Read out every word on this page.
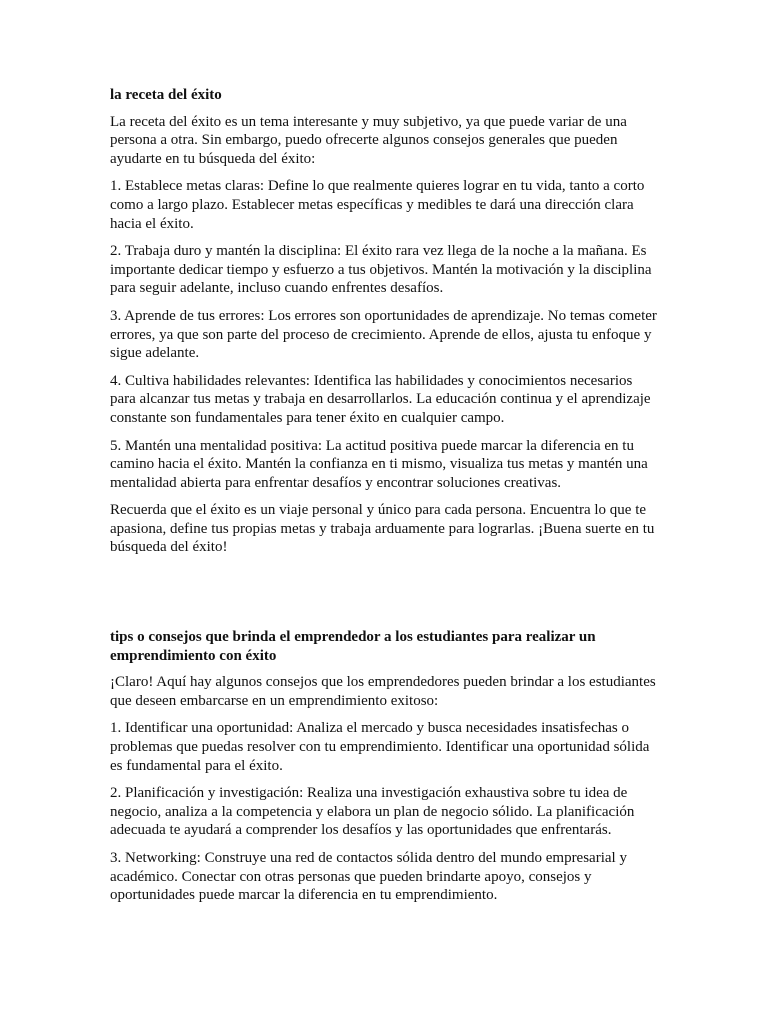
la receta del éxito

La receta del éxito es un tema interesante y muy subjetivo, ya que puede variar de una persona a otra. Sin embargo, puedo ofrecerte algunos consejos generales que pueden ayudarte en tu búsqueda del éxito:

1. Establece metas claras: Define lo que realmente quieres lograr en tu vida, tanto a corto como a largo plazo. Establecer metas específicas y medibles te dará una dirección clara hacia el éxito.

2. Trabaja duro y mantén la disciplina: El éxito rara vez llega de la noche a la mañana. Es importante dedicar tiempo y esfuerzo a tus objetivos. Mantén la motivación y la disciplina para seguir adelante, incluso cuando enfrentes desafíos.

3. Aprende de tus errores: Los errores son oportunidades de aprendizaje. No temas cometer errores, ya que son parte del proceso de crecimiento. Aprende de ellos, ajusta tu enfoque y sigue adelante.

4. Cultiva habilidades relevantes: Identifica las habilidades y conocimientos necesarios para alcanzar tus metas y trabaja en desarrollarlos. La educación continua y el aprendizaje constante son fundamentales para tener éxito en cualquier campo.

5. Mantén una mentalidad positiva: La actitud positiva puede marcar la diferencia en tu camino hacia el éxito. Mantén la confianza en ti mismo, visualiza tus metas y mantén una mentalidad abierta para enfrentar desafíos y encontrar soluciones creativas.

Recuerda que el éxito es un viaje personal y único para cada persona. Encuentra lo que te apasiona, define tus propias metas y trabaja arduamente para lograrlas. ¡Buena suerte en tu búsqueda del éxito!

tips o consejos que brinda el emprendedor a los estudiantes para realizar un emprendimiento con éxito

¡Claro! Aquí hay algunos consejos que los emprendedores pueden brindar a los estudiantes que deseen embarcarse en un emprendimiento exitoso:

1. Identificar una oportunidad: Analiza el mercado y busca necesidades insatisfechas o problemas que puedas resolver con tu emprendimiento. Identificar una oportunidad sólida es fundamental para el éxito.

2. Planificación y investigación: Realiza una investigación exhaustiva sobre tu idea de negocio, analiza a la competencia y elabora un plan de negocio sólido. La planificación adecuada te ayudará a comprender los desafíos y las oportunidades que enfrentarás.

3. Networking: Construye una red de contactos sólida dentro del mundo empresarial y académico. Conectar con otras personas que pueden brindarte apoyo, consejos y oportunidades puede marcar la diferencia en tu emprendimiento.
